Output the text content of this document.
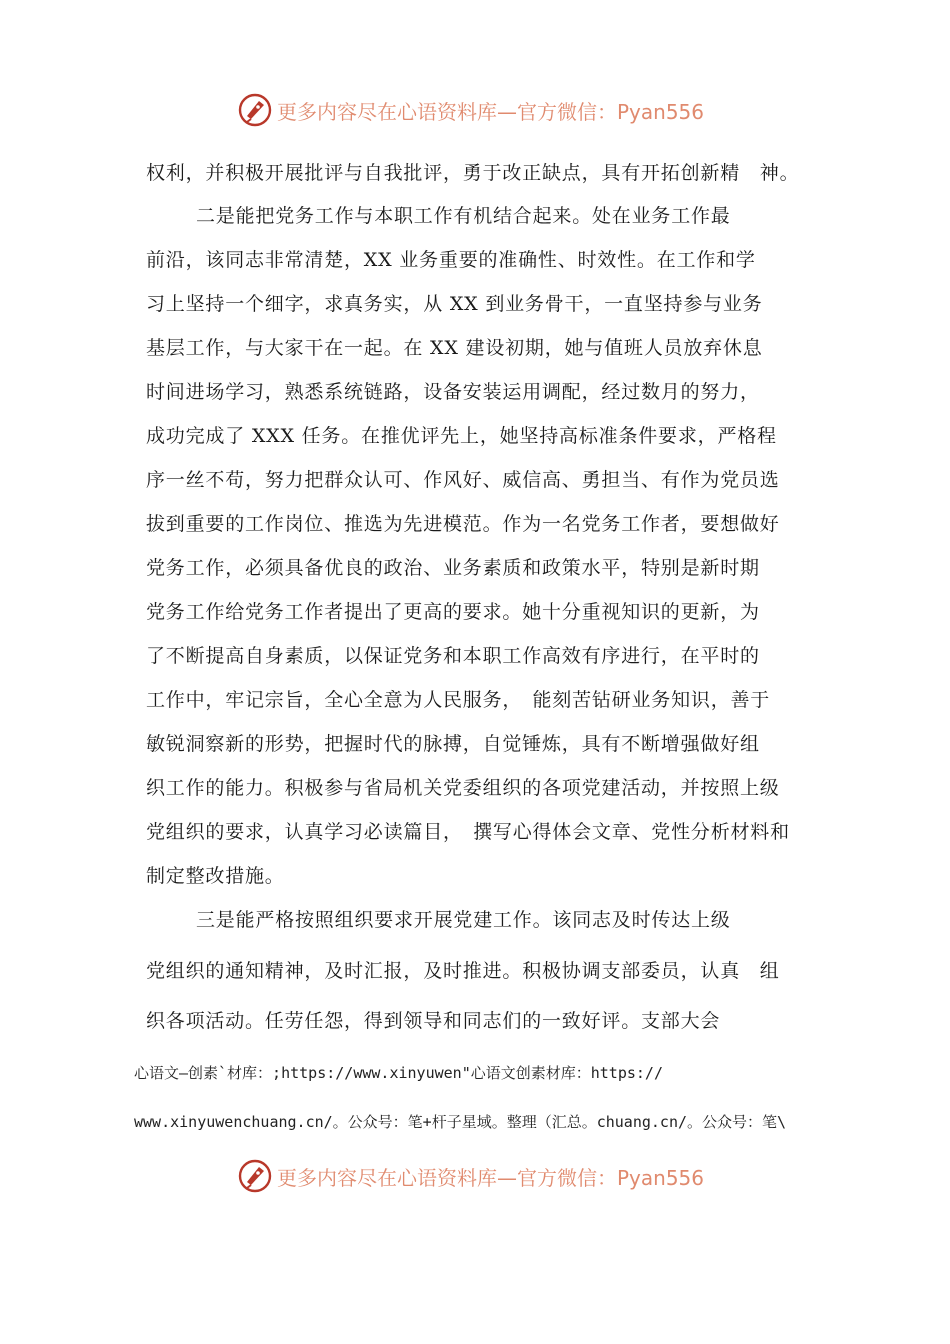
更多内容尽在心语资料库—官方微信：Pyan556
权利，并积极开展批评与自我批评，勇于改正缺点，具有开拓创新精　神。
二是能把党务工作与本职工作有机结合起来。处在业务工作最
前沿，该同志非常清楚，XX 业务重要的准确性、时效性。在工作和学
习上坚持一个细字，求真务实，从 XX 到业务骨干，一直坚持参与业务
基层工作，与大家干在一起。在 XX 建设初期，她与值班人员放弃休息
时间进场学习，熟悉系统链路，设备安装运用调配，经过数月的努力，
成功完成了 XXX 任务。在推优评先上，她坚持高标准条件要求，严格程
序一丝不苟，努力把群众认可、作风好、威信高、勇担当、有作为党员选
拔到重要的工作岗位、推选为先进模范。作为一名党务工作者，要想做好
党务工作，必须具备优良的政治、业务素质和政策水平，特别是新时期
党务工作给党务工作者提出了更高的要求。她十分重视知识的更新，为
了不断提高自身素质，以保证党务和本职工作高效有序进行，在平时的
工作中，牢记宗旨，全心全意为人民服务，　能刻苦钻研业务知识，善于
敏锐洞察新的形势，把握时代的脉搏，自觉锤炼，具有不断增强做好组
织工作的能力。积极参与省局机关党委组织的各项党建活动，并按照上级
党组织的要求，认真学习必读篇目，　撰写心得体会文章、党性分析材料和
制定整改措施。
三是能严格按照组织要求开展党建工作。该同志及时传达上级
党组织的通知精神，及时汇报，及时推进。积极协调支部委员，认真　组
织各项活动。任劳任怨，得到领导和同志们的一致好评。支部大会
心语文—创素`材库：;https://www.xinyuwen"心语文创素材库：https://
www.xinyuwenchuang.cn/。公众号：笔+杆子星域。整理（汇总。chuang.cn/。公众号：笔\
更多内容尽在心语资料库—官方微信：Pyan556
